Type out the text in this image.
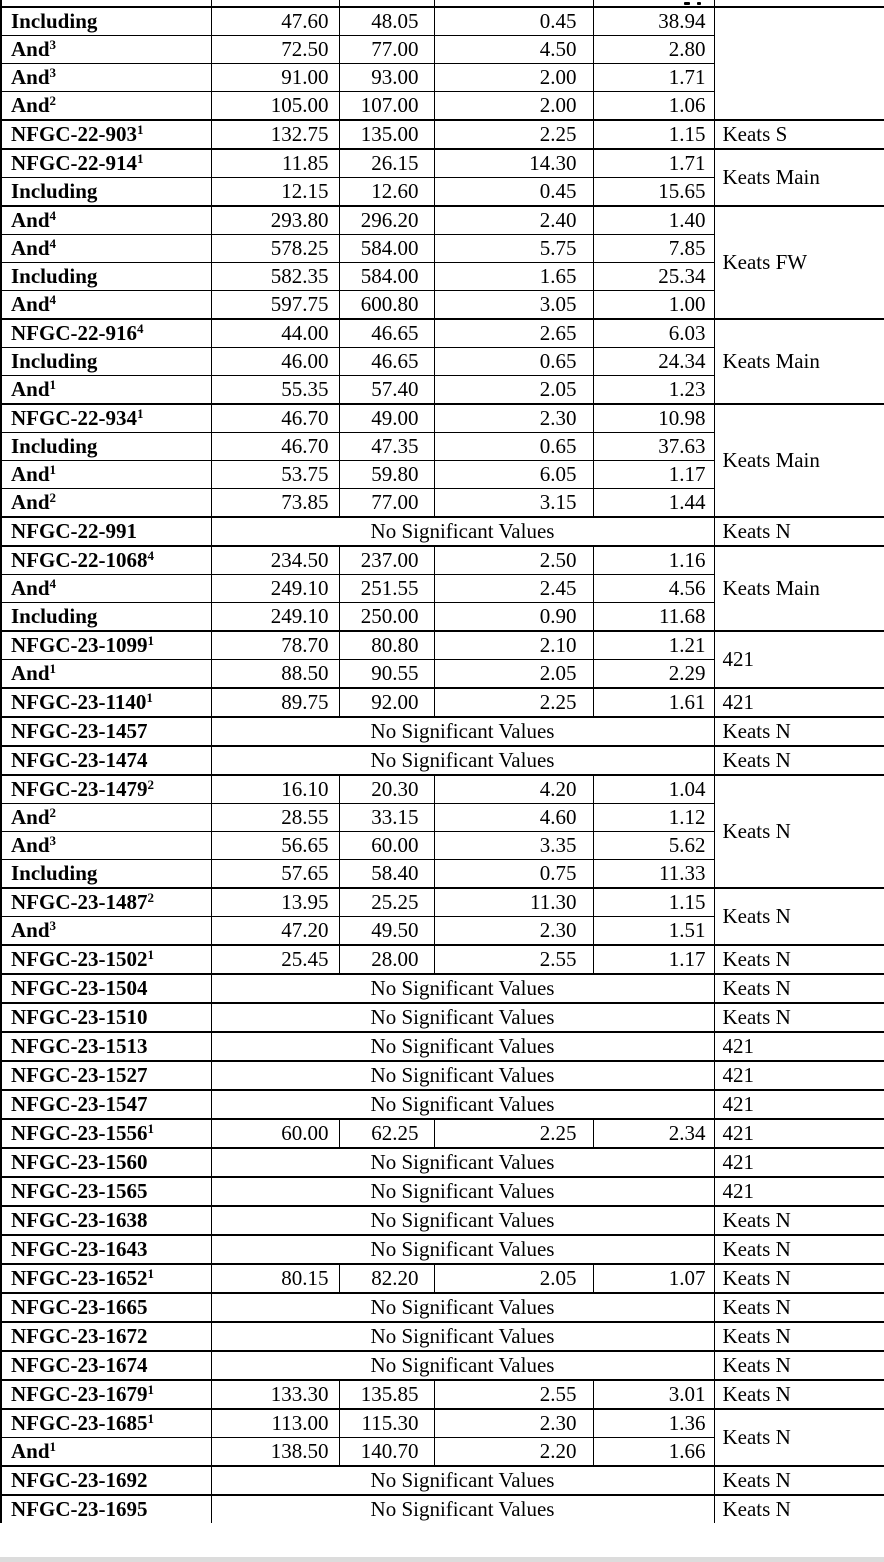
Including	47.60	48.05	0.45	38.94	
And$^3$	72.50	77.00	4.50	2.80	
And$^3$	91.00	93.00	2.00	1.71	
And$^2$	105.00	107.00	2.00	1.06	
NFGC-$22-903^1$	132.75	135.00	2.25	1.15	Keats S
NFGC-$22-914^1$	11.85	26.15	14.30	1.71	Keats Main
Including	12.15	12.60	0.45	15.65	
And$^4$	293.80	296.20	2.40	1.40	Keats FW
And$^4$	578.25	584.00	5.75	7.85	
Including	582.35	584.00	1.65	25.34	
And$^4$	597.75	600.80	3.05	1.00	
NFGC-$22-916^4$	44.00	46.65	2.65	6.03	Keats Main
Including	46.00	46.65	0.65	24.34	
And$^1$	55.35	57.40	2.05	1.23	
NFGC-$22-934^1$	46.70	49.00	2.30	10.98	Keats Main
Including	46.70	47.35	0.65	37.63	
And$^1$	53.75	59.80	6.05	1.17	
And$^2$	73.85	77.00	3.15	1.44	
NFGC-22-991	No Significant Values				Keats N
NFGC-22-1068$^4$	234.50	237.00	2.50	1.16	Keats Main
And$^4$	249.10	251.55	2.45	4.56	
Including	249.10	250.00	0.90	11.68	
NFGC-23-1099$^1$	78.70	80.80	2.10	1.21	421
And$^1$	88.50	90.55	2.05	2.29	
NFGC-23-1140$^1$	89.75	92.00	2.25	1.61	421
NFGC-23-1457	No Significant Values				Keats N
NFGC-23-1474	No Significant Values				Keats N
NFGC-23-1479$^2$	16.10	20.30	4.20	1.04	Keats N
And$^2$	28.55	33.15	4.60	1.12	
And$^3$	56.65	60.00	3.35	5.62	
Including	57.65	58.40	0.75	11.33	
NFGC-23-1487$^2$	13.95	25.25	11.30	1.15	Keats N
And$^3$	47.20	49.50	2.30	1.51	
NFGC-23-1502$^1$	25.45	28.00	2.55	1.17	Keats N
NFGC-23-1504	No Significant Values				Keats N
NFGC-23-1510	No Significant Values				Keats N
NFGC-23-1513	No Significant Values				421
NFGC-23-1527	No Significant Values				421
NFGC-23-1547	No Significant Values				421
NFGC-23-1556$^1$	60.00	62.25	2.25	2.34	421
NFGC-23-1560	No Significant Values				421
NFGC-23-1565	No Significant Values				421
NFGC-23-1638	No Significant Values				Keats N
NFGC-23-1643	No Significant Values				Keats N
NFGC-23-1652$^1$	80.15	82.20	2.05	1.07	Keats N
NFGC-23-1665	No Significant Values				Keats N
NFGC-23-1672	No Significant Values				Keats N
NFGC-23-1674	No Significant Values				Keats N
NFGC-23-1679$^1$	133.30	135.85	2.55	3.01	Keats N
NFGC-23-1685$^1$	113.00	115.30	2.30	1.36	Keats N
And$^1$	138.50	140.70	2.20	1.66	
NFGC-23-1692	No Significant Values				Keats N
NFGC-23-1695	No Significant Values				Keats N
